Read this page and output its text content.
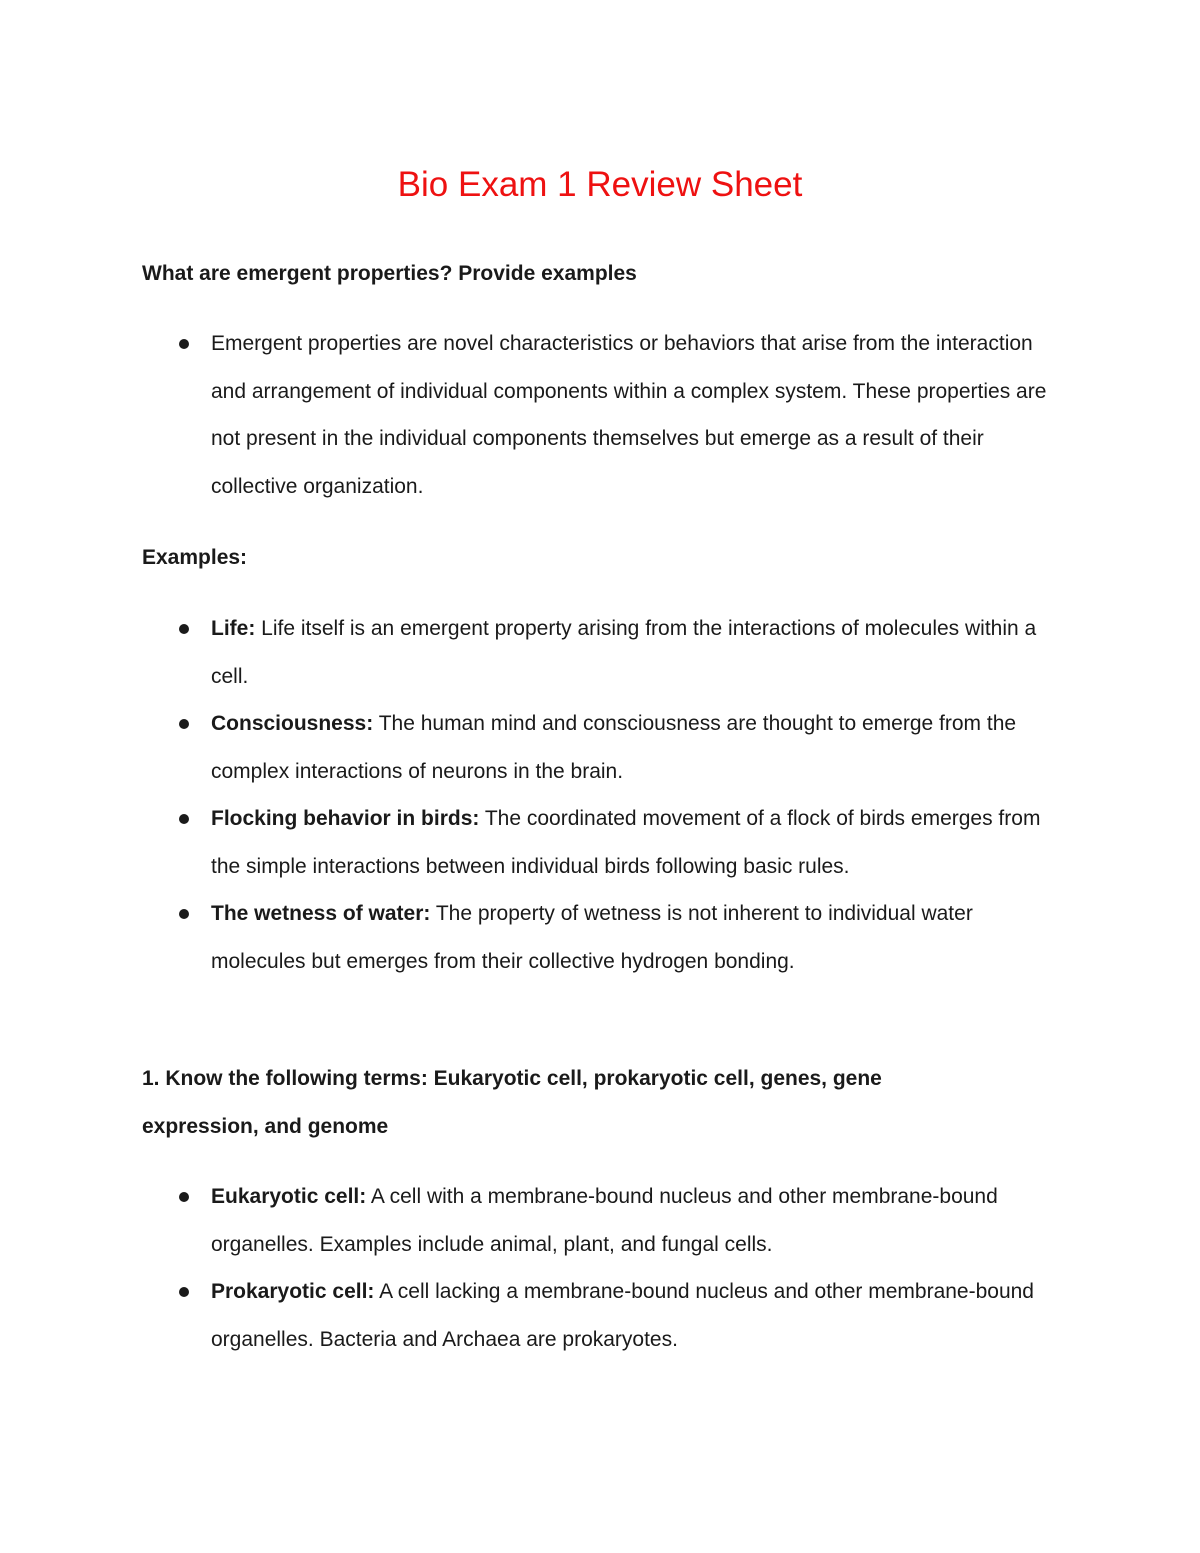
Bio Exam 1 Review Sheet
What are emergent properties? Provide examples
Emergent properties are novel characteristics or behaviors that arise from the interaction and arrangement of individual components within a complex system. These properties are not present in the individual components themselves but emerge as a result of their collective organization.
Examples:
Life: Life itself is an emergent property arising from the interactions of molecules within a cell.
Consciousness: The human mind and consciousness are thought to emerge from the complex interactions of neurons in the brain.
Flocking behavior in birds: The coordinated movement of a flock of birds emerges from the simple interactions between individual birds following basic rules.
The wetness of water: The property of wetness is not inherent to individual water molecules but emerges from their collective hydrogen bonding.
1. Know the following terms: Eukaryotic cell, prokaryotic cell, genes, gene expression, and genome
Eukaryotic cell: A cell with a membrane-bound nucleus and other membrane-bound organelles. Examples include animal, plant, and fungal cells.
Prokaryotic cell: A cell lacking a membrane-bound nucleus and other membrane-bound organelles. Bacteria and Archaea are prokaryotes.
